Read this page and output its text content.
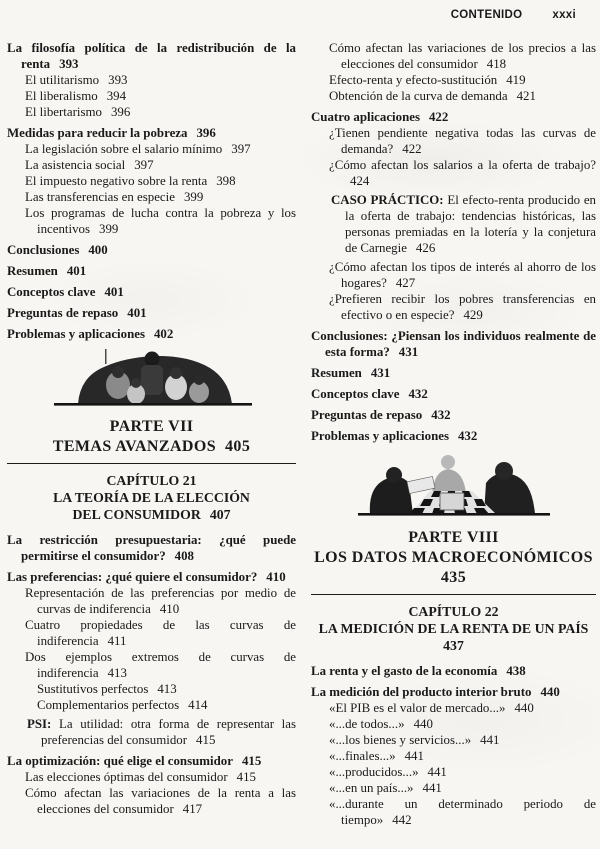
CONTENIDO	xxxi
La filosofía política de la redistribución de la renta 393
El utilitarismo 393
El liberalismo 394
El libertarismo 396
Medidas para reducir la pobreza 396
La legislación sobre el salario mínimo 397
La asistencia social 397
El impuesto negativo sobre la renta 398
Las transferencias en especie 399
Los programas de lucha contra la pobreza y los incentivos 399
Conclusiones 400
Resumen 401
Conceptos clave 401
Preguntas de repaso 401
Problemas y aplicaciones 402
PARTE VII
TEMAS AVANZADOS 405
CAPÍTULO 21
LA TEORÍA DE LA ELECCIÓN
DEL CONSUMIDOR 407
La restricción presupuestaria: ¿qué puede permitirse el consumidor? 408
Las preferencias: ¿qué quiere el consumidor? 410
Representación de las preferencias por medio de curvas de indiferencia 410
Cuatro propiedades de las curvas de indiferencia 411
Dos ejemplos extremos de curvas de indiferencia 413
Sustitutivos perfectos 413
Complementarios perfectos 414
PSI: La utilidad: otra forma de representar las preferencias del consumidor 415
La optimización: qué elige el consumidor 415
Las elecciones óptimas del consumidor 415
Cómo afectan las variaciones de la renta a las elecciones del consumidor 417
Cómo afectan las variaciones de los precios a las elecciones del consumidor 418
Efecto-renta y efecto-sustitución 419
Obtención de la curva de demanda 421
Cuatro aplicaciones 422
¿Tienen pendiente negativa todas las curvas de demanda? 422
¿Cómo afectan los salarios a la oferta de trabajo?424
CASO PRÁCTICO: El efecto-renta producido en la oferta de trabajo: tendencias históricas, las personas premiadas en la lotería y la conjetura de Carnegie 426
¿Cómo afectan los tipos de interés al ahorro de los hogares? 427
¿Prefieren recibir los pobres transferencias en efectivo o en especie? 429
Conclusiones: ¿Piensan los individuos realmente de esta forma? 431
Resumen 431
Conceptos clave 432
Preguntas de repaso 432
Problemas y aplicaciones 432
PARTE VIII
LOS DATOS MACROECONÓMICOS
435
CAPÍTULO 22
LA MEDICIÓN DE LA RENTA DE UN PAÍS
437
La renta y el gasto de la economía 438
La medición del producto interior bruto 440
«El PIB es el valor de mercado...» 440
«...de todos...» 440
«...los bienes y servicios...» 441
«...finales...» 441
«...producidos...» 441
«...en un país...» 441
«...durante un determinado periodo de tiempo» 442
